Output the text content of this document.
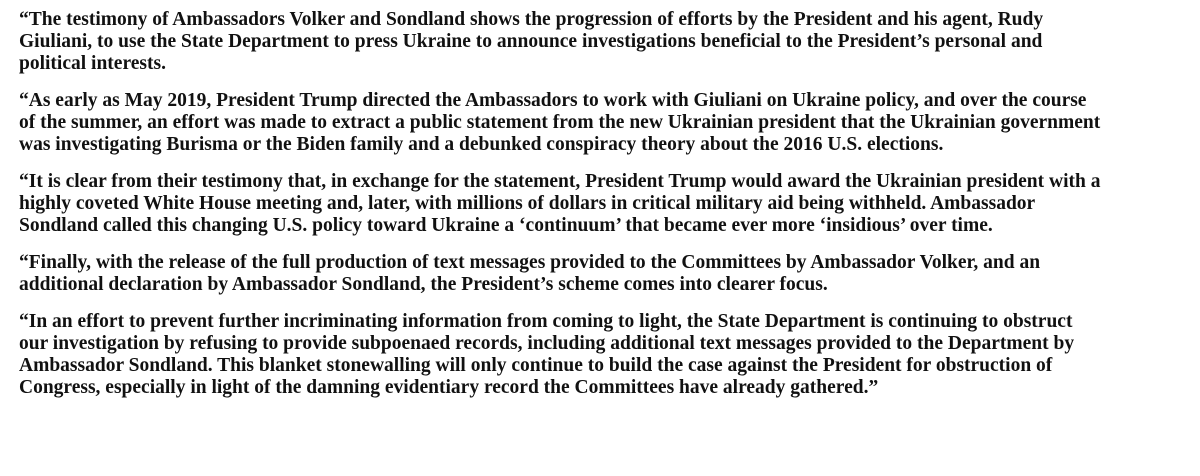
“The testimony of Ambassadors Volker and Sondland shows the progression of efforts by the President and his agent, Rudy
Giuliani, to use the State Department to press Ukraine to announce investigations beneficial to the President’s personal and
political interests.

“As early as May 2019, President Trump directed the Ambassadors to work with Giuliani on Ukraine policy, and over the course
of the summer, an effort was made to extract a public statement from the new Ukrainian president that the Ukrainian government
was investigating Burisma or the Biden family and a debunked conspiracy theory about the 2016 U.S. elections.

“It is clear from their testimony that, in exchange for the statement, President Trump would award the Ukrainian president with a
highly coveted White House meeting and, later, with millions of dollars in critical military aid being withheld. Ambassador
Sondland called this changing U.S. policy toward Ukraine a ‘continuum’ that became ever more ‘insidious’ over time.

“Finally, with the release of the full production of text messages provided to the Committees by Ambassador Volker, and an
additional declaration by Ambassador Sondland, the President’s scheme comes into clearer focus.

“In an effort to prevent further incriminating information from coming to light, the State Department is continuing to obstruct
our investigation by refusing to provide subpoenaed records, including additional text messages provided to the Department by
Ambassador Sondland. This blanket stonewalling will only continue to build the case against the President for obstruction of
Congress, especially in light of the damning evidentiary record the Committees have already gathered.”
